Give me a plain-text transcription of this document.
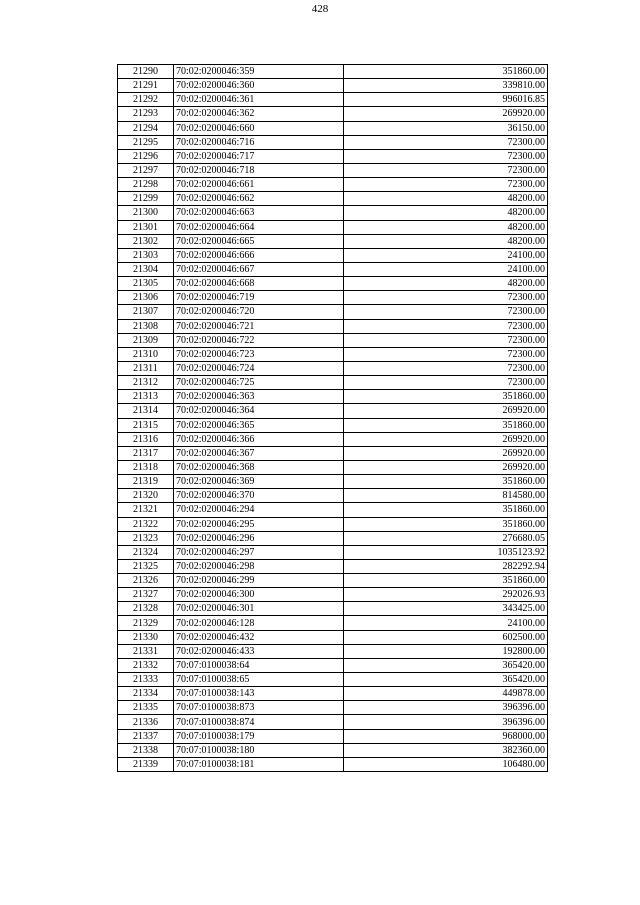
428
21290	70:02:0200046:359	351860.00
21291	70:02:0200046:360	339810.00
21292	70:02:0200046:361	996016.85
21293	70:02:0200046:362	269920.00
21294	70:02:0200046:660	36150.00
21295	70:02:0200046:716	72300.00
21296	70:02:0200046:717	72300.00
21297	70:02:0200046:718	72300.00
21298	70:02:0200046:661	72300.00
21299	70:02:0200046:662	48200.00
21300	70:02:0200046:663	48200.00
21301	70:02:0200046:664	48200.00
21302	70:02:0200046:665	48200.00
21303	70:02:0200046:666	24100.00
21304	70:02:0200046:667	24100.00
21305	70:02:0200046:668	48200.00
21306	70:02:0200046:719	72300.00
21307	70:02:0200046:720	72300.00
21308	70:02:0200046:721	72300.00
21309	70:02:0200046:722	72300.00
21310	70:02:0200046:723	72300.00
21311	70:02:0200046:724	72300.00
21312	70:02:0200046:725	72300.00
21313	70:02:0200046:363	351860.00
21314	70:02:0200046:364	269920.00
21315	70:02:0200046:365	351860.00
21316	70:02:0200046:366	269920.00
21317	70:02:0200046:367	269920.00
21318	70:02:0200046:368	269920.00
21319	70:02:0200046:369	351860.00
21320	70:02:0200046:370	814580.00
21321	70:02:0200046:294	351860.00
21322	70:02:0200046:295	351860.00
21323	70:02:0200046:296	276680.05
21324	70:02:0200046:297	1035123.92
21325	70:02:0200046:298	282292.94
21326	70:02:0200046:299	351860.00
21327	70:02:0200046:300	292026.93
21328	70:02:0200046:301	343425.00
21329	70:02:0200046:128	24100.00
21330	70:02:0200046:432	602500.00
21331	70:02:0200046:433	192800.00
21332	70:07:0100038:64	365420.00
21333	70:07:0100038:65	365420.00
21334	70:07:0100038:143	449878.00
21335	70:07:0100038:873	396396.00
21336	70:07:0100038:874	396396.00
21337	70:07:0100038:179	968000.00
21338	70:07:0100038:180	382360.00
21339	70:07:0100038:181	106480.00
